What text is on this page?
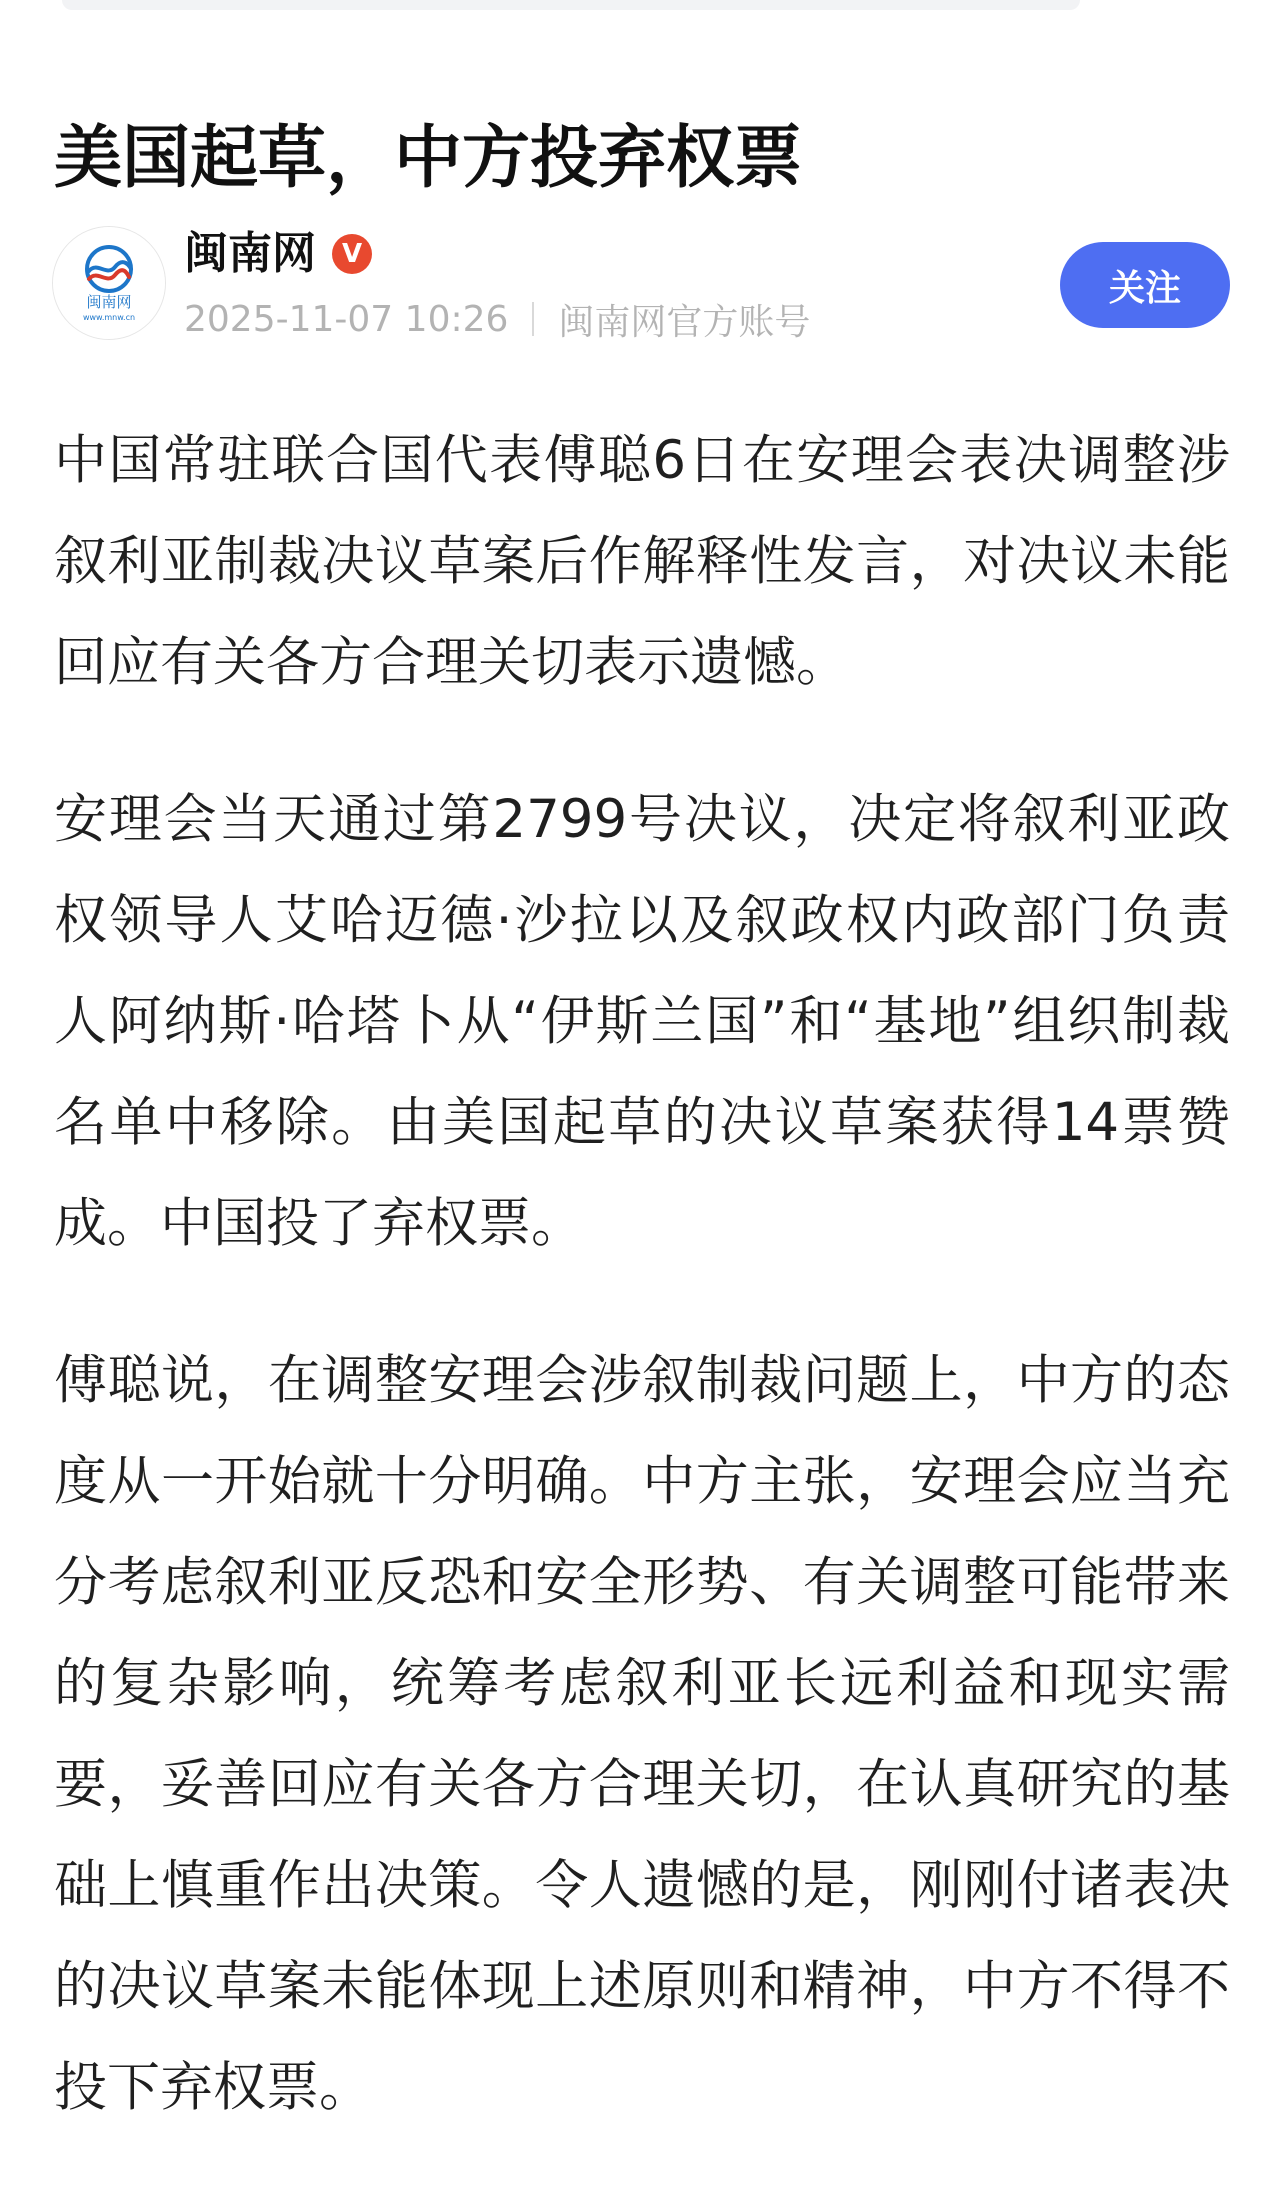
美国起草，中方投弃权票
闽南网
www.mnw.cn
闽南网 V
2025-11-07 10:26 闽南网官方账号
关注

中国常驻联合国代表傅聪6日在安理会表决调整涉叙利亚制裁决议草案后作解释性发言，对决议未能回应有关各方合理关切表示遗憾。

安理会当天通过第2799号决议，决定将叙利亚政权领导人艾哈迈德·沙拉以及叙政权内政部门负责人阿纳斯·哈塔卜从“伊斯兰国”和“基地”组织制裁名单中移除。由美国起草的决议草案获得14票赞成。中国投了弃权票。

傅聪说，在调整安理会涉叙制裁问题上，中方的态度从一开始就十分明确。中方主张，安理会应当充分考虑叙利亚反恐和安全形势、有关调整可能带来的复杂影响，统筹考虑叙利亚长远利益和现实需要，妥善回应有关各方合理关切，在认真研究的基础上慎重作出决策。令人遗憾的是，刚刚付诸表决的决议草案未能体现上述原则和精神，中方不得不投下弃权票。
